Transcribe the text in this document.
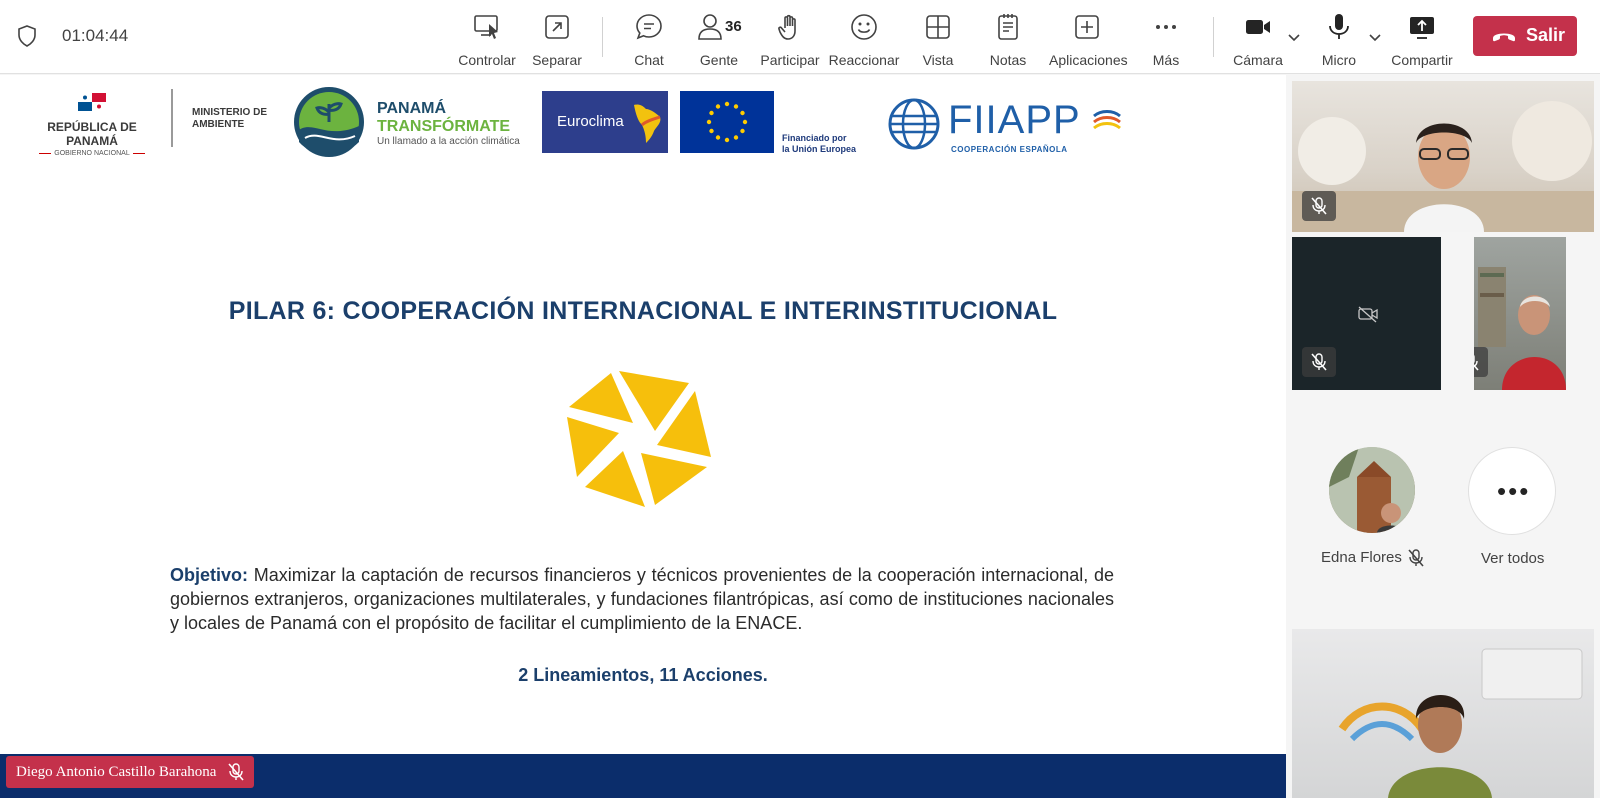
01:04:44
Controlar	Separar	Chat
36
Gente	Participar Reaccionar	Vista	Notas	Aplicaciones	Más	Cámara	Micro	Compartir
Salir
REPÚBLICA DE PANAMÁ
GOBIERNO NACIONAL
MINISTERIO DE
AMBIENTE
PANAMÁ
TRANSFÓRMATE
Un llamado a la acción climática
Euroclima
Financiado por
la Unión Europea
FIIAPP
COOPERACIÓN ESPAÑOLA
PILAR 6: COOPERACIÓN INTERNACIONAL E INTERINSTITUCIONAL
Objetivo: Maximizar la captación de recursos financieros y técnicos provenientes de la cooperación internacional, de gobiernos extranjeros, organizaciones multilaterales, y fundaciones filantrópicas, así como de instituciones nacionales y locales de Panamá con el propósito de facilitar el cumplimiento de la ENACE.
2 Lineamientos, 11 Acciones.
Diego Antonio Castillo Barahona
Edna Flores
•••
Ver todos
